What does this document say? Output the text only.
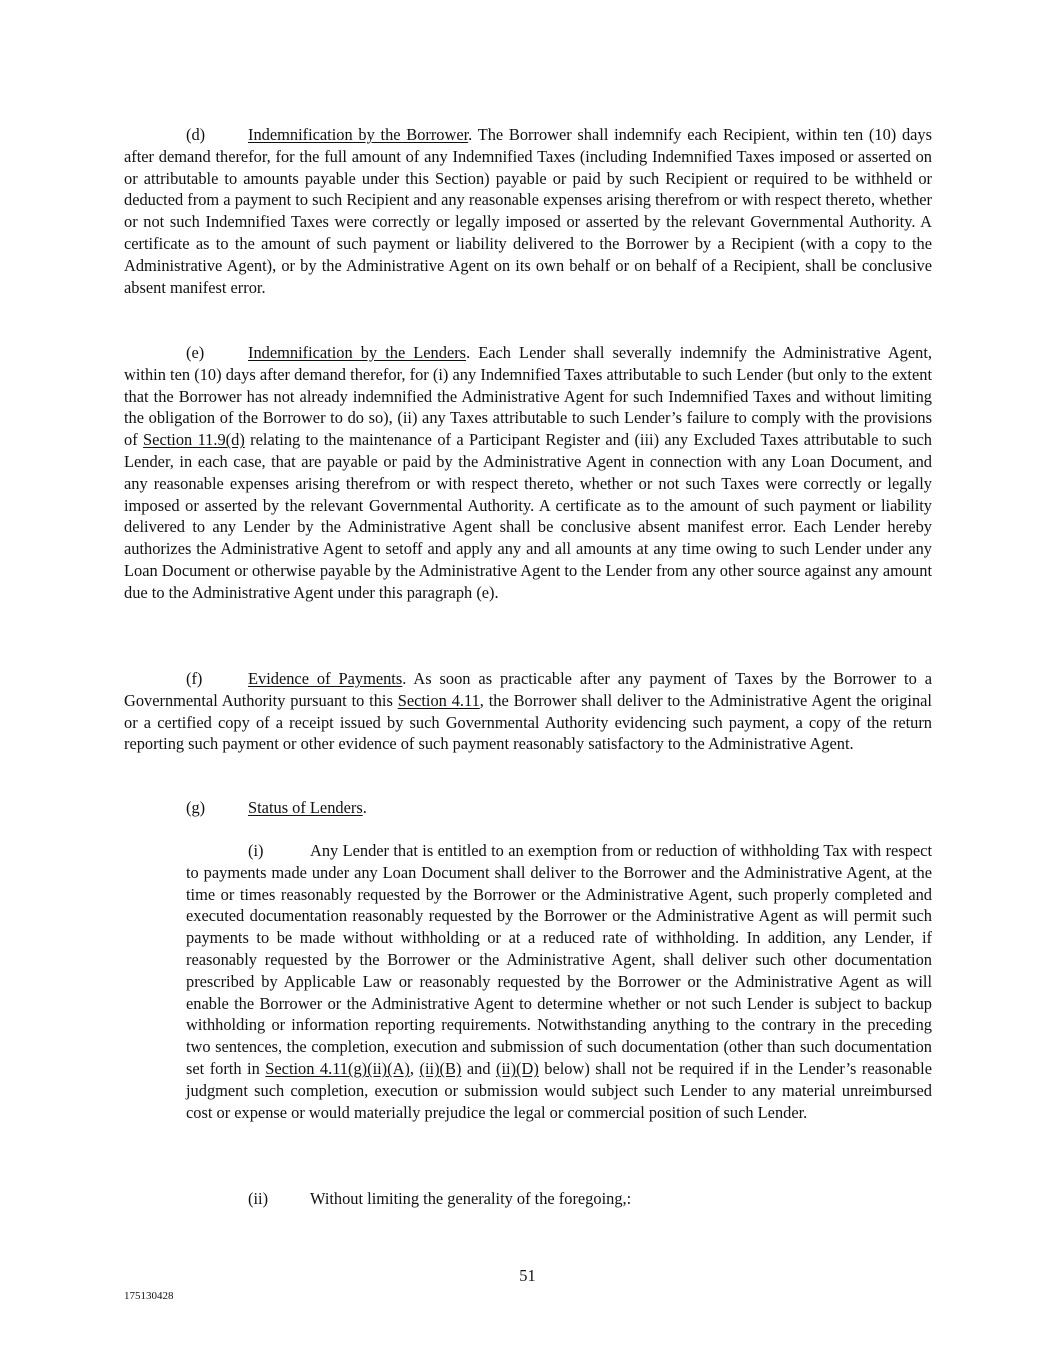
(d)	Indemnification by the Borrower. The Borrower shall indemnify each Recipient, within ten (10) days after demand therefor, for the full amount of any Indemnified Taxes (including Indemnified Taxes imposed or asserted on or attributable to amounts payable under this Section) payable or paid by such Recipient or required to be withheld or deducted from a payment to such Recipient and any reasonable expenses arising therefrom or with respect thereto, whether or not such Indemnified Taxes were correctly or legally imposed or asserted by the relevant Governmental Authority. A certificate as to the amount of such payment or liability delivered to the Borrower by a Recipient (with a copy to the Administrative Agent), or by the Administrative Agent on its own behalf or on behalf of a Recipient, shall be conclusive absent manifest error.

(e)	Indemnification by the Lenders. Each Lender shall severally indemnify the Administrative Agent, within ten (10) days after demand therefor, for (i) any Indemnified Taxes attributable to such Lender (but only to the extent that the Borrower has not already indemnified the Administrative Agent for such Indemnified Taxes and without limiting the obligation of the Borrower to do so), (ii) any Taxes attributable to such Lender’s failure to comply with the provisions of Section 11.9(d) relating to the maintenance of a Participant Register and (iii) any Excluded Taxes attributable to such Lender, in each case, that are payable or paid by the Administrative Agent in connection with any Loan Document, and any reasonable expenses arising therefrom or with respect thereto, whether or not such Taxes were correctly or legally imposed or asserted by the relevant Governmental Authority. A certificate as to the amount of such payment or liability delivered to any Lender by the Administrative Agent shall be conclusive absent manifest error. Each Lender hereby authorizes the Administrative Agent to setoff and apply any and all amounts at any time owing to such Lender under any Loan Document or otherwise payable by the Administrative Agent to the Lender from any other source against any amount due to the Administrative Agent under this paragraph (e).

(f)	Evidence of Payments. As soon as practicable after any payment of Taxes by the Borrower to a Governmental Authority pursuant to this Section 4.11, the Borrower shall deliver to the Administrative Agent the original or a certified copy of a receipt issued by such Governmental Authority evidencing such payment, a copy of the return reporting such payment or other evidence of such payment reasonably satisfactory to the Administrative Agent.

(g)	Status of Lenders.

(i)	Any Lender that is entitled to an exemption from or reduction of withholding Tax with respect to payments made under any Loan Document shall deliver to the Borrower and the Administrative Agent, at the time or times reasonably requested by the Borrower or the Administrative Agent, such properly completed and executed documentation reasonably requested by the Borrower or the Administrative Agent as will permit such payments to be made without withholding or at a reduced rate of withholding. In addition, any Lender, if reasonably requested by the Borrower or the Administrative Agent, shall deliver such other documentation prescribed by Applicable Law or reasonably requested by the Borrower or the Administrative Agent as will enable the Borrower or the Administrative Agent to determine whether or not such Lender is subject to backup withholding or information reporting requirements. Notwithstanding anything to the contrary in the preceding two sentences, the completion, execution and submission of such documentation (other than such documentation set forth in Section 4.11(g)(ii)(A), (ii)(B) and (ii)(D) below) shall not be required if in the Lender’s reasonable judgment such completion, execution or submission would subject such Lender to any material unreimbursed cost or expense or would materially prejudice the legal or commercial position of such Lender.

(ii)	Without limiting the generality of the foregoing,:

51
175130428
